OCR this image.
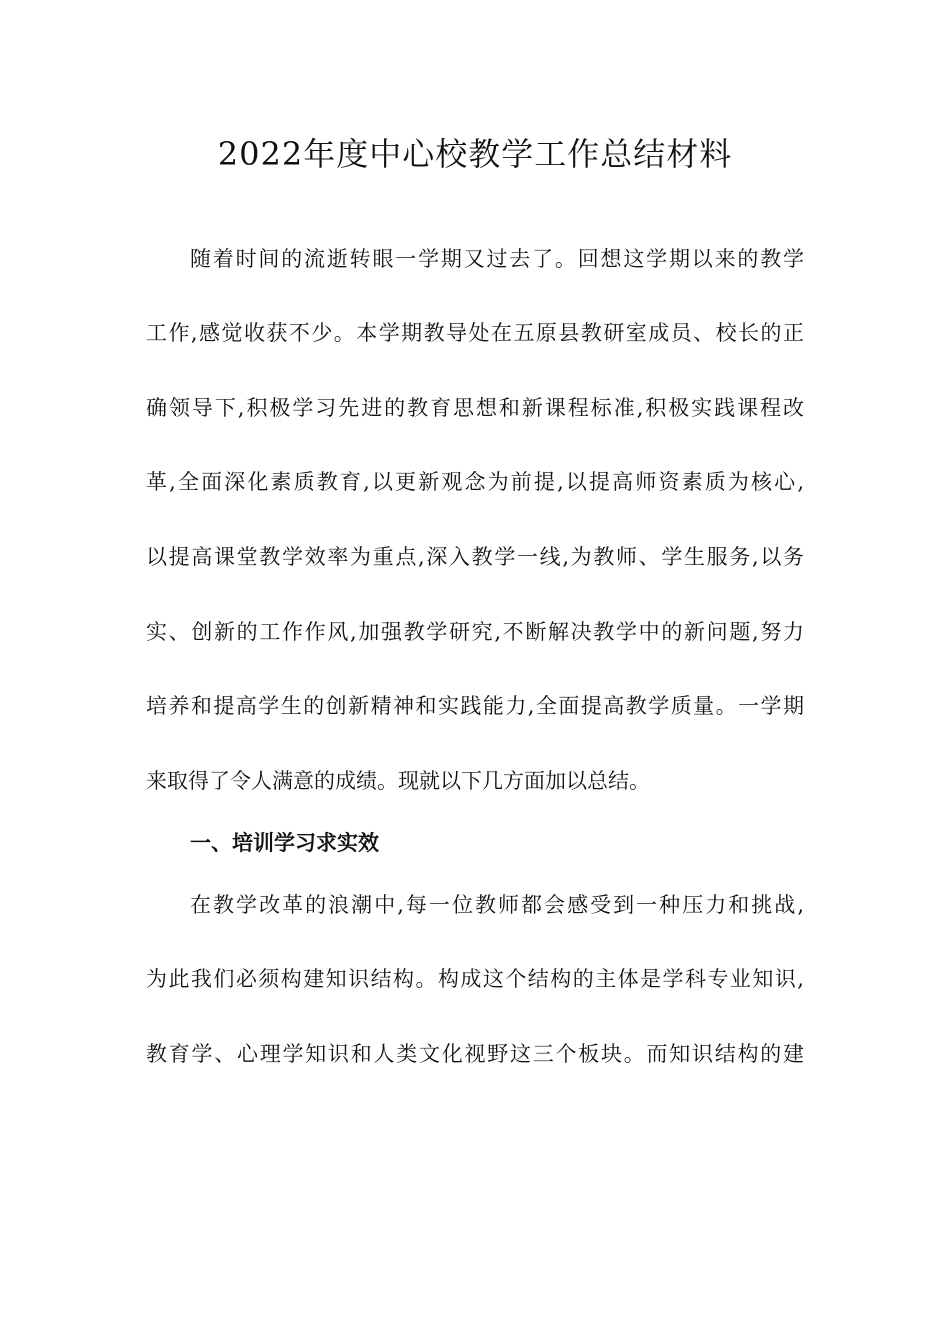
2022年度中心校教学工作总结材料

随着时间的流逝转眼一学期又过去了。回想这学期以来的教学

工作,感觉收获不少。本学期教导处在五原县教研室成员、校长的正

确领导下,积极学习先进的教育思想和新课程标准,积极实践课程改

革,全面深化素质教育,以更新观念为前提,以提高师资素质为核心,

以提高课堂教学效率为重点,深入教学一线,为教师、学生服务,以务

实、创新的工作作风,加强教学研究,不断解决教学中的新问题,努力

培养和提高学生的创新精神和实践能力,全面提高教学质量。一学期

来取得了令人满意的成绩。现就以下几方面加以总结。

一、培训学习求实效

在教学改革的浪潮中,每一位教师都会感受到一种压力和挑战,

为此我们必须构建知识结构。构成这个结构的主体是学科专业知识,

教育学、心理学知识和人类文化视野这三个板块。而知识结构的建
